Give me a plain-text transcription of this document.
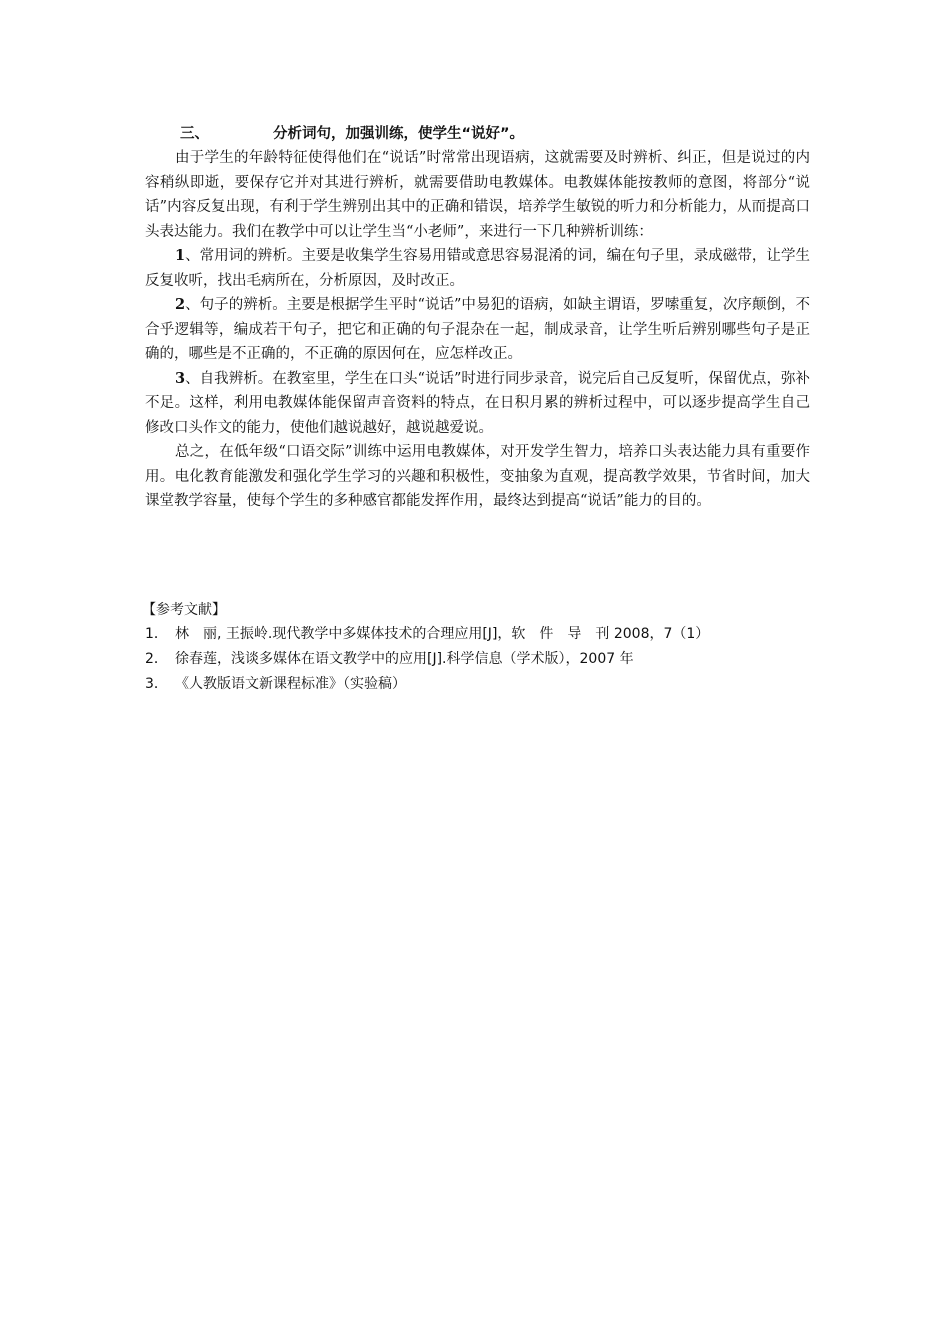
三、	分析词句，加强训练，使学生“说好”。

由于学生的年龄特征使得他们在“说话”时常常出现语病，这就需要及时辨析、纠正，但是说过的内容稍纵即逝，要保存它并对其进行辨析，就需要借助电教媒体。电教媒体能按教师的意图，将部分“说话”内容反复出现，有利于学生辨别出其中的正确和错误，培养学生敏锐的听力和分析能力，从而提高口头表达能力。我们在教学中可以让学生当“小老师”，来进行一下几种辨析训练：

1、常用词的辨析。主要是收集学生容易用错或意思容易混淆的词，编在句子里，录成磁带，让学生反复收听，找出毛病所在，分析原因，及时改正。

2、句子的辨析。主要是根据学生平时“说话”中易犯的语病，如缺主谓语，罗嗦重复，次序颠倒，不合乎逻辑等，编成若干句子，把它和正确的句子混杂在一起，制成录音，让学生听后辨别哪些句子是正确的，哪些是不正确的，不正确的原因何在，应怎样改正。

3、自我辨析。在教室里，学生在口头“说话”时进行同步录音，说完后自己反复听，保留优点，弥补不足。这样，利用电教媒体能保留声音资料的特点，在日积月累的辨析过程中，可以逐步提高学生自己修改口头作文的能力，使他们越说越好，越说越爱说。

总之，在低年级“口语交际”训练中运用电教媒体，对开发学生智力，培养口头表达能力具有重要作用。电化教育能激发和强化学生学习的兴趣和积极性，变抽象为直观，提高教学效果，节省时间，加大课堂教学容量，使每个学生的多种感官都能发挥作用，最终达到提高“说话”能力的目的。

【参考文献】
1． 林　丽, 王振岭.现代教学中多媒体技术的合理应用[J]，软　件　导　刊 2008，7（1）
2． 徐春莲，浅谈多媒体在语文教学中的应用[J].科学信息（学术版），2007 年
3． 《人教版语文新课程标准》（实验稿）
